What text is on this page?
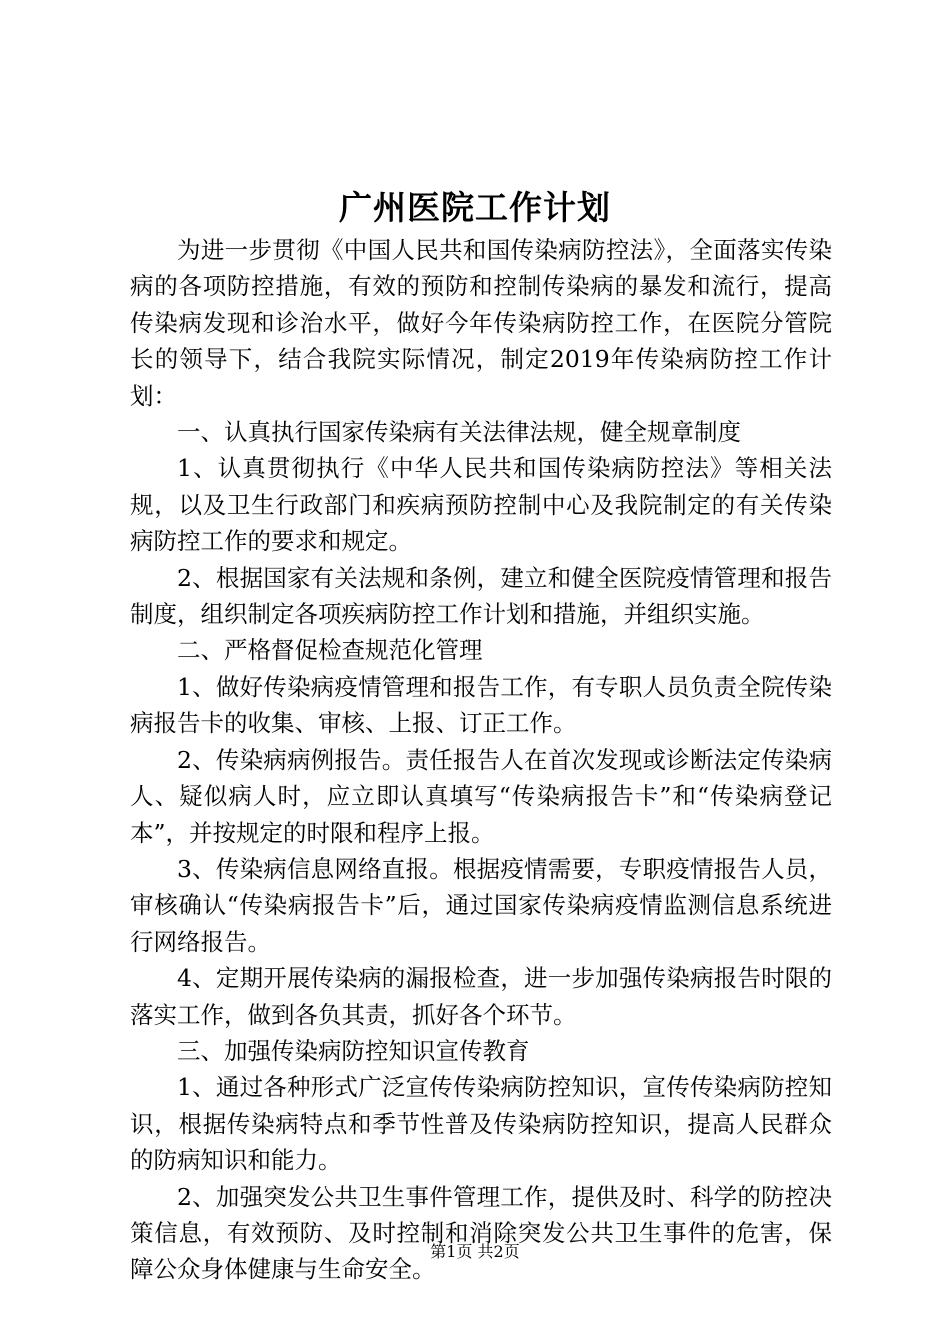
广州医院工作计划

为进一步贯彻《中国人民共和国传染病防控法》，全面落实传染病的各项防控措施，有效的预防和控制传染病的暴发和流行，提高传染病发现和诊治水平，做好今年传染病防控工作，在医院分管院长的领导下，结合我院实际情况，制定2019年传染病防控工作计划：

一、认真执行国家传染病有关法律法规，健全规章制度

1、认真贯彻执行《中华人民共和国传染病防控法》等相关法规，以及卫生行政部门和疾病预防控制中心及我院制定的有关传染病防控工作的要求和规定。

2、根据国家有关法规和条例，建立和健全医院疫情管理和报告制度，组织制定各项疾病防控工作计划和措施，并组织实施。

二、严格督促检查规范化管理

1、做好传染病疫情管理和报告工作，有专职人员负责全院传染病报告卡的收集、审核、上报、订正工作。

2、传染病病例报告。责任报告人在首次发现或诊断法定传染病人、疑似病人时，应立即认真填写“传染病报告卡”和“传染病登记本”，并按规定的时限和程序上报。

3、传染病信息网络直报。根据疫情需要，专职疫情报告人员，审核确认“传染病报告卡”后，通过国家传染病疫情监测信息系统进行网络报告。

4、定期开展传染病的漏报检查，进一步加强传染病报告时限的落实工作，做到各负其责，抓好各个环节。

三、加强传染病防控知识宣传教育

1、通过各种形式广泛宣传传染病防控知识，宣传传染病防控知识，根据传染病特点和季节性普及传染病防控知识，提高人民群众的防病知识和能力。

2、加强突发公共卫生事件管理工作，提供及时、科学的防控决策信息，有效预防、及时控制和消除突发公共卫生事件的危害，保障公众身体健康与生命安全。

第1页 共2页
